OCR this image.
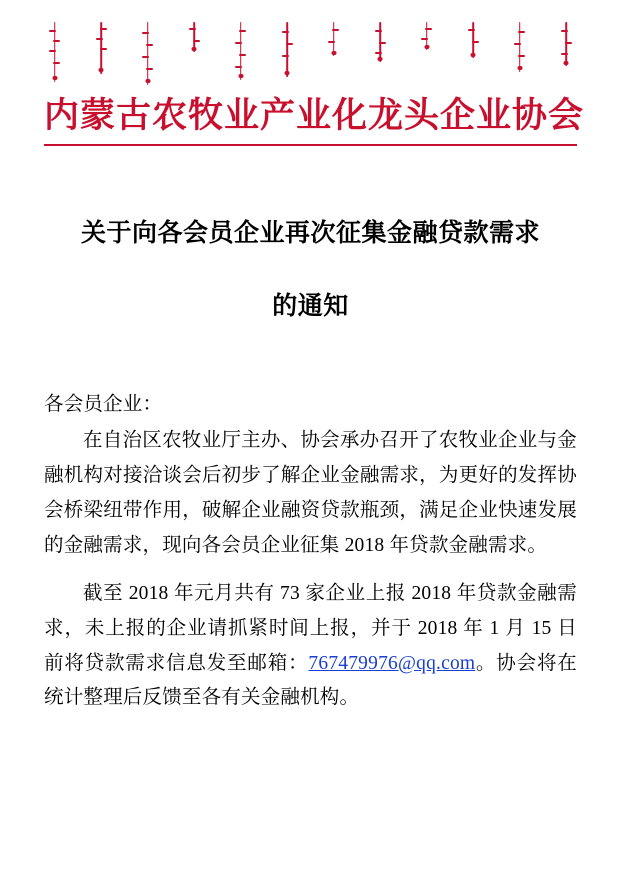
内蒙古农牧业产业化龙头企业协会
关于向各会员企业再次征集金融贷款需求
的通知

各会员企业：

在自治区农牧业厅主办、协会承办召开了农牧业企业与金融机构对接洽谈会后初步了解企业金融需求，为更好的发挥协会桥梁纽带作用，破解企业融资贷款瓶颈，满足企业快速发展的金融需求，现向各会员企业征集 2018 年贷款金融需求。

截至 2018 年元月共有 73 家企业上报 2018 年贷款金融需求，未上报的企业请抓紧时间上报，并于 2018 年 1 月 15 日前将贷款需求信息发至邮箱：767479976@qq.com。协会将在统计整理后反馈至各有关金融机构。
